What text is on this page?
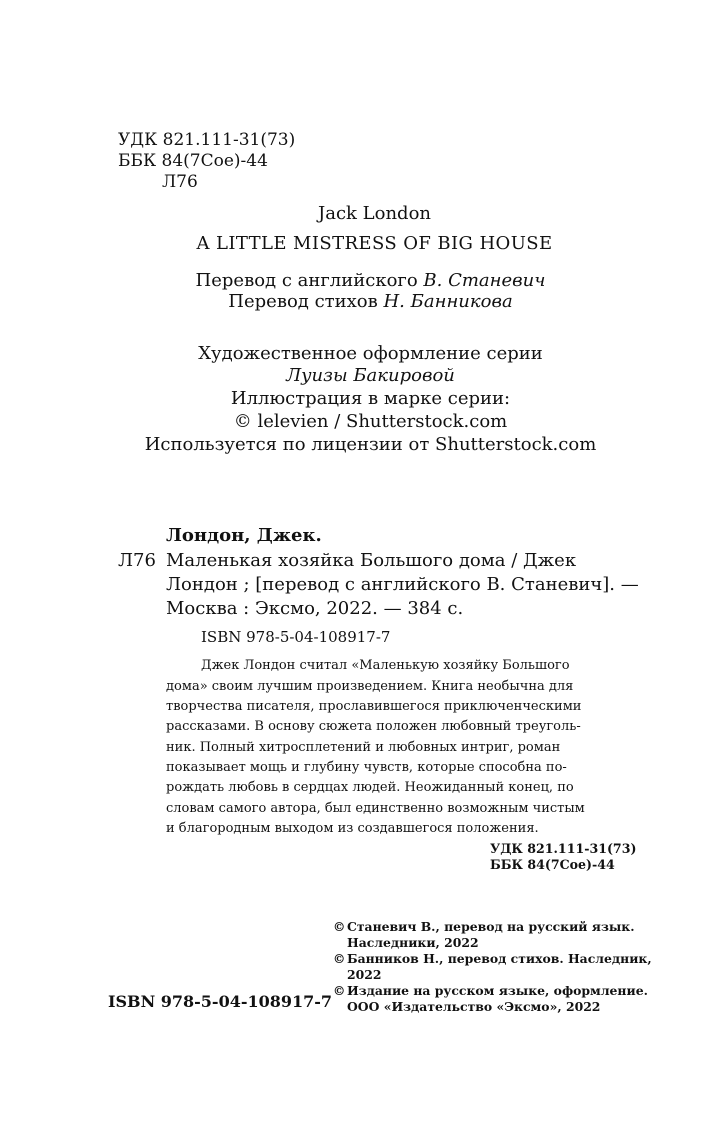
УДК 821.111-31(73)
ББК 84(7Сое)-44
Л76
Jack London
A LITTLE MISTRESS OF BIG HOUSE
Перевод с английского В. Станевич
Перевод стихов Н. Банникова
Художественное оформление серии
Луизы Бакировой
Иллюстрация в марке серии:
© lelevien / Shutterstock.com
Используется по лицензии от Shutterstock.com
Лондон, Джек.
Л76 Маленькая хозяйка Большого дома / Джек
Лондон ; [перевод с английского В. Станевич]. —
Москва : Эксмо, 2022. — 384 с.
ISBN 978-5-04-108917-7
Джек Лондон считал «Маленькую хозяйку Большого
дома» своим лучшим произведением. Книга необычна для
творчества писателя, прославившегося приключенческими
рассказами. В основу сюжета положен любовный треуголь-
ник. Полный хитросплетений и любовных интриг, роман
показывает мощь и глубину чувств, которые способна по-
рождать любовь в сердцах людей. Неожиданный конец, по
словам самого автора, был единственно возможным чистым
и благородным выходом из создавшегося положения.
УДК 821.111-31(73)
ББК 84(7Сое)-44
ISBN 978-5-04-108917-7
© Станевич В., перевод на русский язык.
Наследники, 2022
© Банников Н., перевод стихов. Наследник,
2022
© Издание на русском языке, оформление.
ООО «Издательство «Эксмо», 2022
